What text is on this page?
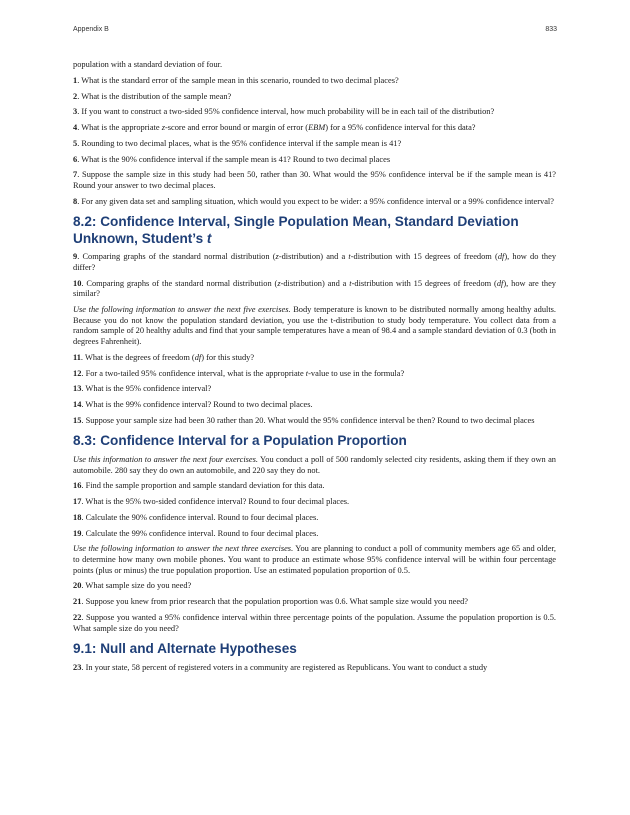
Appendix B	833

population with a standard deviation of four.

1. What is the standard error of the sample mean in this scenario, rounded to two decimal places?

2. What is the distribution of the sample mean?

3. If you want to construct a two-sided 95% confidence interval, how much probability will be in each tail of the distribution?

4. What is the appropriate z-score and error bound or margin of error (EBM) for a 95% confidence interval for this data?

5. Rounding to two decimal places, what is the 95% confidence interval if the sample mean is 41?

6. What is the 90% confidence interval if the sample mean is 41? Round to two decimal places

7. Suppose the sample size in this study had been 50, rather than 30. What would the 95% confidence interval be if the sample mean is 41? Round your answer to two decimal places.

8. For any given data set and sampling situation, which would you expect to be wider: a 95% confidence interval or a 99% confidence interval?

8.2: Confidence Interval, Single Population Mean, Standard Deviation Unknown, Student’s t

9. Comparing graphs of the standard normal distribution (z-distribution) and a t-distribution with 15 degrees of freedom (df), how do they differ?

10. Comparing graphs of the standard normal distribution (z-distribution) and a t-distribution with 15 degrees of freedom (df), how are they similar?

Use the following information to answer the next five exercises. Body temperature is known to be distributed normally among healthy adults. Because you do not know the population standard deviation, you use the t-distribution to study body temperature. You collect data from a random sample of 20 healthy adults and find that your sample temperatures have a mean of 98.4 and a sample standard deviation of 0.3 (both in degrees Fahrenheit).

11. What is the degrees of freedom (df) for this study?

12. For a two-tailed 95% confidence interval, what is the appropriate t-value to use in the formula?

13. What is the 95% confidence interval?

14. What is the 99% confidence interval? Round to two decimal places.

15. Suppose your sample size had been 30 rather than 20. What would the 95% confidence interval be then? Round to two decimal places

8.3: Confidence Interval for a Population Proportion

Use this information to answer the next four exercises. You conduct a poll of 500 randomly selected city residents, asking them if they own an automobile. 280 say they do own an automobile, and 220 say they do not.

16. Find the sample proportion and sample standard deviation for this data.

17. What is the 95% two-sided confidence interval? Round to four decimal places.

18. Calculate the 90% confidence interval. Round to four decimal places.

19. Calculate the 99% confidence interval. Round to four decimal places.

Use the following information to answer the next three exercises. You are planning to conduct a poll of community members age 65 and older, to determine how many own mobile phones. You want to produce an estimate whose 95% confidence interval will be within four percentage points (plus or minus) the true population proportion. Use an estimated population proportion of 0.5.

20. What sample size do you need?

21. Suppose you knew from prior research that the population proportion was 0.6. What sample size would you need?

22. Suppose you wanted a 95% confidence interval within three percentage points of the population. Assume the population proportion is 0.5. What sample size do you need?

9.1: Null and Alternate Hypotheses

23. In your state, 58 percent of registered voters in a community are registered as Republicans. You want to conduct a study
